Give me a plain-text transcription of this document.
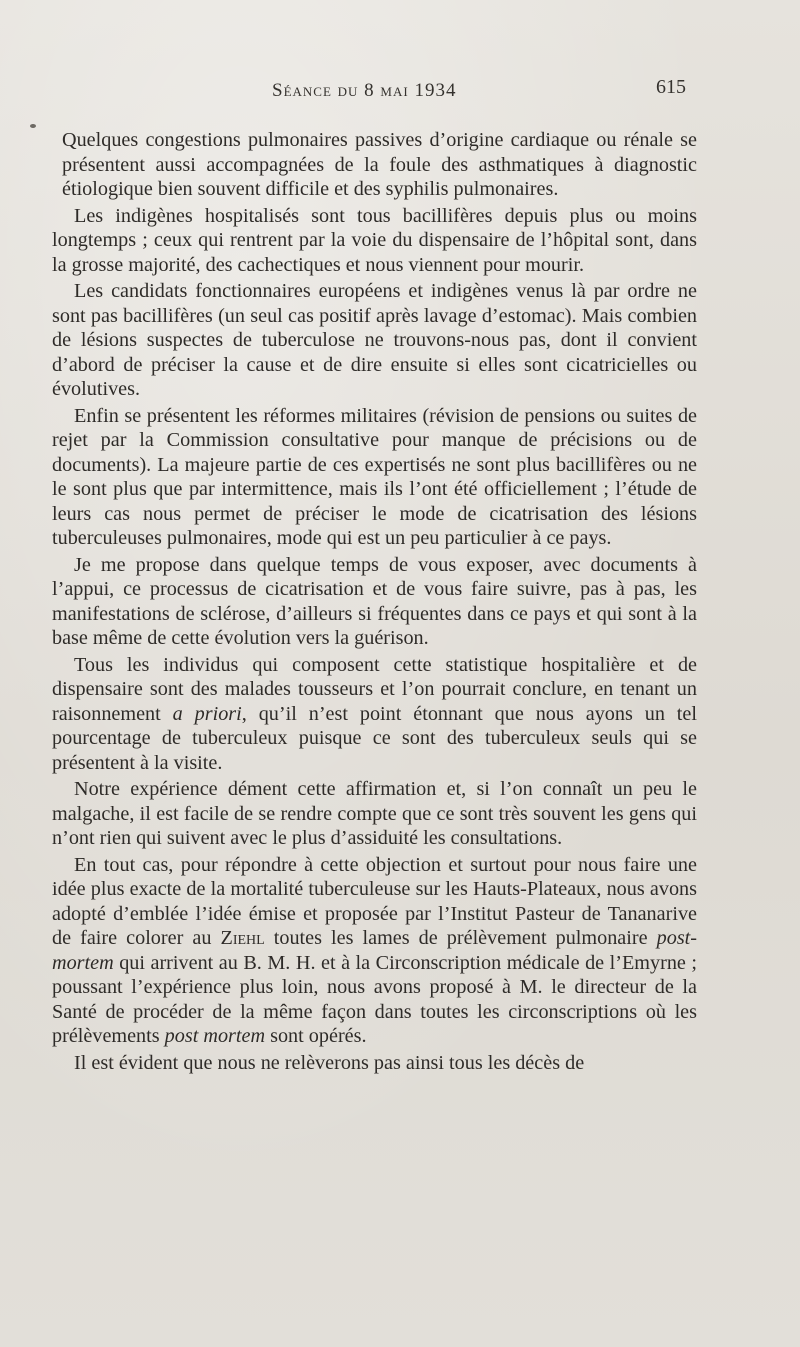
Séance du 8 mai 1934	615

Quelques congestions pulmonaires passives d’origine cardiaque ou rénale se présentent aussi accompagnées de la foule des asthmatiques à diagnostic étiologique bien souvent difficile et des syphilis pulmonaires.

Les indigènes hospitalisés sont tous bacillifères depuis plus ou moins longtemps ; ceux qui rentrent par la voie du dispensaire de l’hôpital sont, dans la grosse majorité, des cachectiques et nous viennent pour mourir.

Les candidats fonctionnaires européens et indigènes venus là par ordre ne sont pas bacillifères (un seul cas positif après lavage d’estomac). Mais combien de lésions suspectes de tuberculose ne trouvons-nous pas, dont il convient d’abord de préciser la cause et de dire ensuite si elles sont cicatricielles ou évolutives.

Enfin se présentent les réformes militaires (révision de pensions ou suites de rejet par la Commission consultative pour manque de précisions ou de documents). La majeure partie de ces expertisés ne sont plus bacillifères ou ne le sont plus que par intermittence, mais ils l’ont été officiellement ; l’étude de leurs cas nous permet de préciser le mode de cicatrisation des lésions tuberculeuses pulmonaires, mode qui est un peu particulier à ce pays.

Je me propose dans quelque temps de vous exposer, avec documents à l’appui, ce processus de cicatrisation et de vous faire suivre, pas à pas, les manifestations de sclérose, d’ailleurs si fréquentes dans ce pays et qui sont à la base même de cette évolution vers la guérison.

Tous les individus qui composent cette statistique hospitalière et de dispensaire sont des malades tousseurs et l’on pourrait conclure, en tenant un raisonnement a priori, qu’il n’est point étonnant que nous ayons un tel pourcentage de tuberculeux puisque ce sont des tuberculeux seuls qui se présentent à la visite.

Notre expérience dément cette affirmation et, si l’on connaît un peu le malgache, il est facile de se rendre compte que ce sont très souvent les gens qui n’ont rien qui suivent avec le plus d’assiduité les consultations.

En tout cas, pour répondre à cette objection et surtout pour nous faire une idée plus exacte de la mortalité tuberculeuse sur les Hauts-Plateaux, nous avons adopté d’emblée l’idée émise et proposée par l’Institut Pasteur de Tananarive de faire colorer au Ziehl toutes les lames de prélèvement pulmonaire post-mortem qui arrivent au B. M. H. et à la Circonscription médicale de l’Emyrne ; poussant l’expérience plus loin, nous avons proposé à M. le directeur de la Santé de procéder de la même façon dans toutes les circonscriptions où les prélèvements post mortem sont opérés.

Il est évident que nous ne relèverons pas ainsi tous les décès de
